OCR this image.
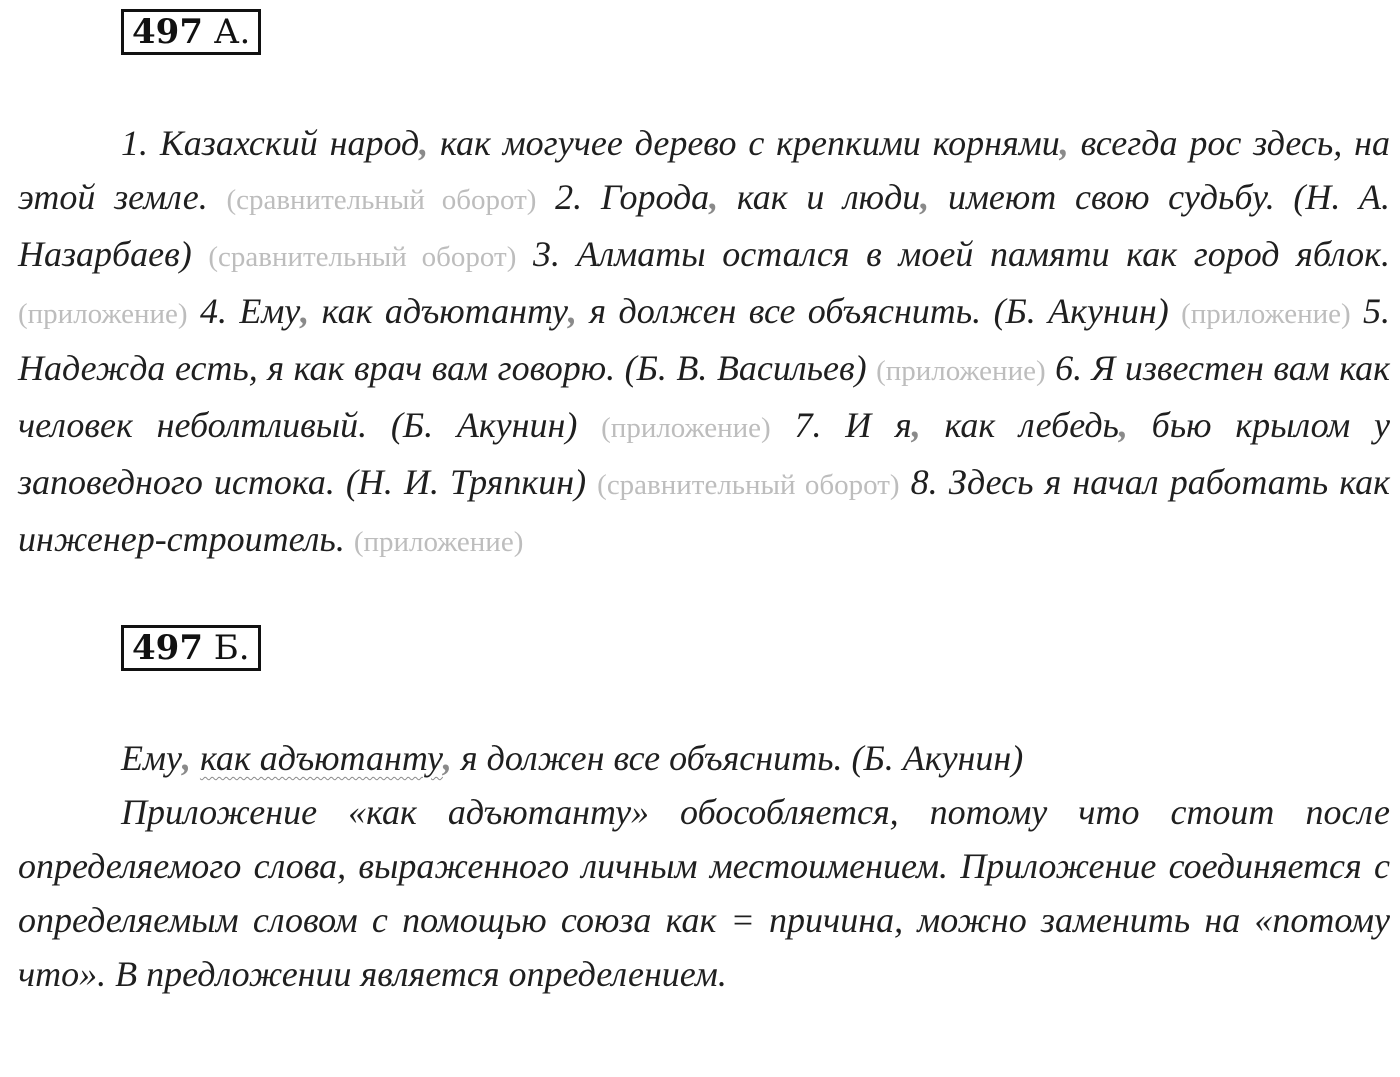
497 А.

1. Казахский народ, как могучее дерево с крепкими корнями, всегда рос здесь, на этой земле. (сравнительный оборот) 2. Города, как и люди, имеют свою судьбу. (Н. А. Назарбаев) (сравнительный оборот) 3. Алматы остался в моей памяти как город яблок. (приложение) 4. Ему, как адъютанту, я должен все объяснить. (Б. Акунин) (приложение) 5. Надежда есть, я как врач вам говорю. (Б. В. Васильев) (приложение) 6. Я известен вам как человек неболтливый. (Б. Акунин) (приложение) 7. И я, как лебедь, бью крылом у заповедного истока. (Н. И. Тряпкин) (сравнительный оборот) 8. Здесь я начал работать как инженер-строитель. (приложение)

497 Б.

Ему, как адъютанту, я должен все объяснить. (Б. Акунин)

Приложение «как адъютанту» обособляется, потому что стоит после определяемого слова, выраженного личным местоимением. Приложение соединяется с определяемым словом с помощью союза как = причина, можно заменить на «потому что». В предложении является определением.
